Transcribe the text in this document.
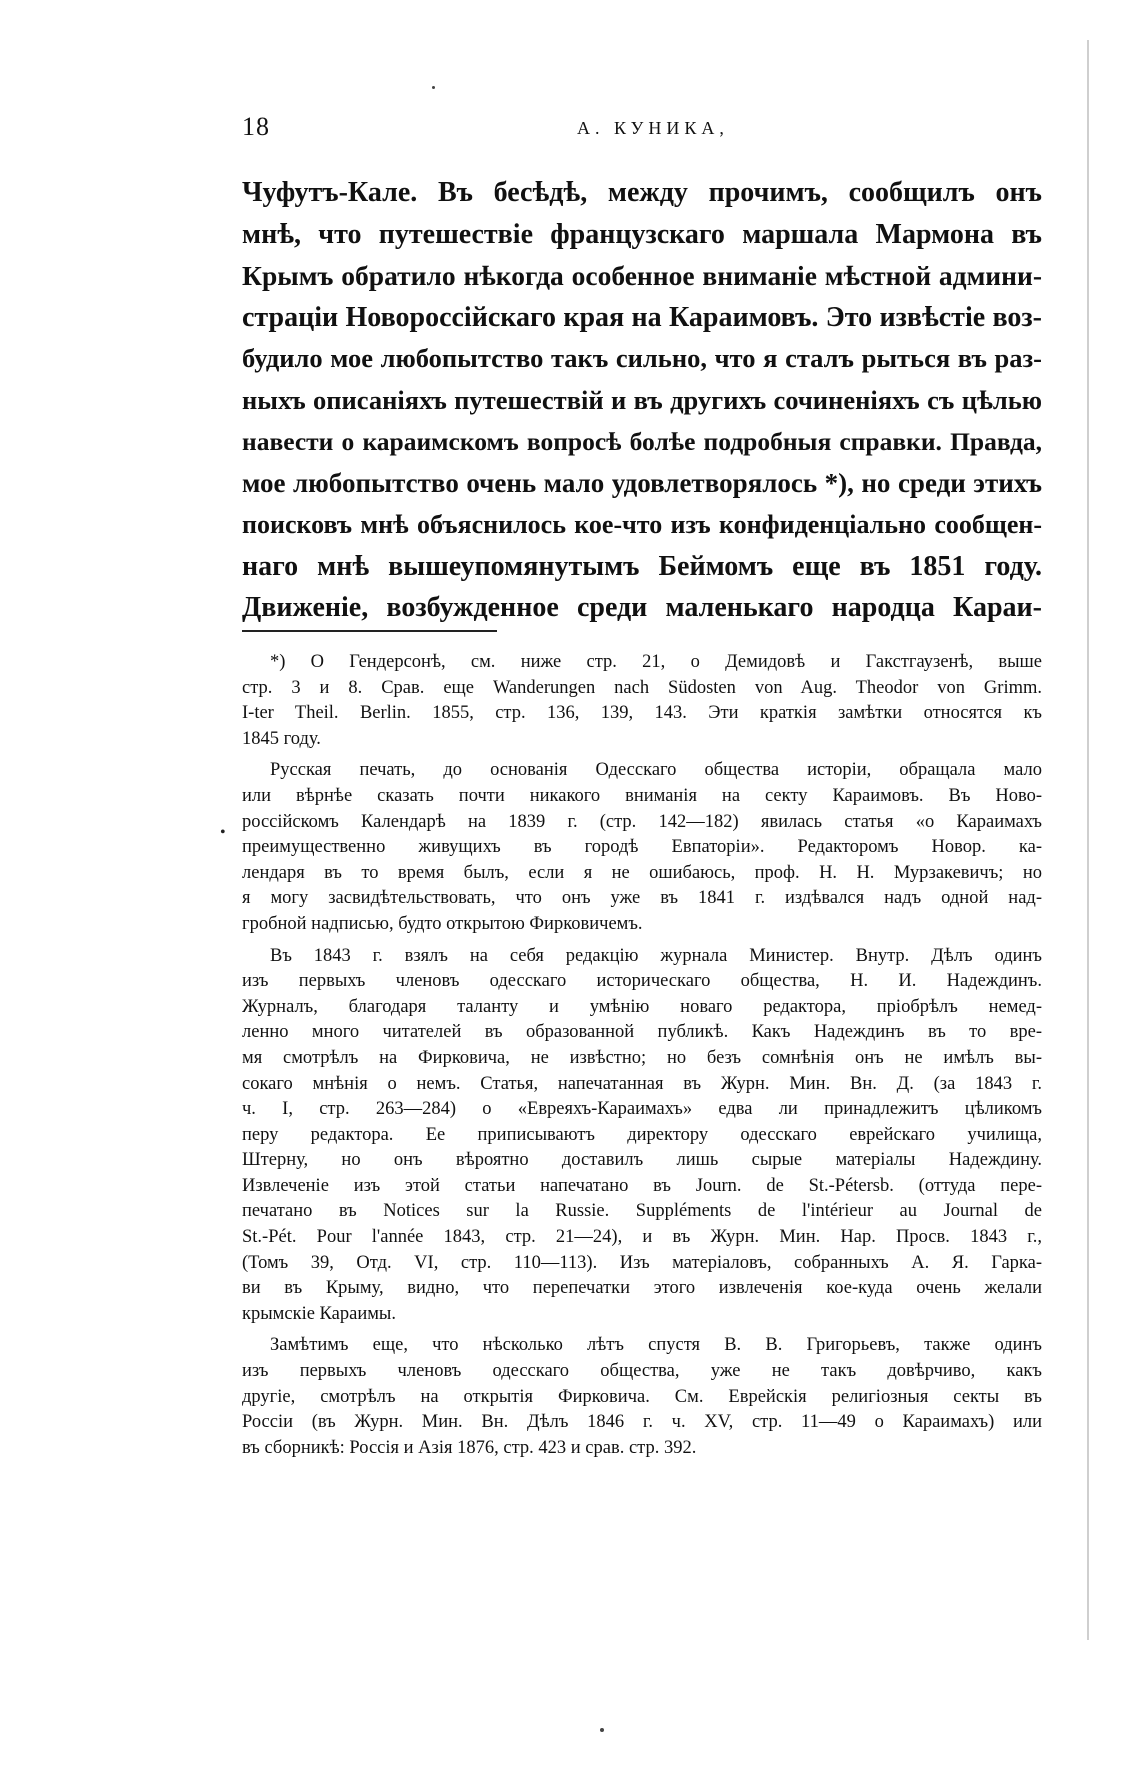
18	А. КУНИКА,
Чуфутъ-Кале. Въ бесѣдѣ, между прочимъ, сообщилъ онъ
мнѣ, что путешествіе французскаго маршала Мармона въ
Крымъ обратило нѣкогда особенное вниманіе мѣстной админи-
страціи Новороссійскаго края на Караимовъ. Это извѣстіе воз-
будило мое любопытство такъ сильно, что я сталъ рыться въ раз-
ныхъ описаніяхъ путешествій и въ другихъ сочиненіяхъ съ цѣлью
навести о караимскомъ вопросѣ болѣе подробныя справки. Правда,
мое любопытство очень мало удовлетворялось *), но среди этихъ
поисковъ мнѣ объяснилось кое-что изъ конфиденціально сообщен-
наго мнѣ вышеупомянутымъ Беймомъ еще въ 1851 году.
Движеніе, возбужденное среди маленькаго народца Караи-
•
*) О Гендерсонѣ, см. ниже стр. 21, о Демидовѣ и Гакстгаузенѣ, выше
стр. 3 и 8. Срав. еще Wanderungen nach Südosten von Aug. Theodor von Grimm.
I-ter Theil. Berlin. 1855, стр. 136, 139, 143. Эти краткія замѣтки относятся къ
1845 году.
Русская печать, до основанія Одесскаго общества исторіи, обращала мало
или вѣрнѣе сказать почти никакого вниманія на секту Караимовъ. Въ Ново-
россійскомъ Календарѣ на 1839 г. (стр. 142—182) явилась статья «о Караимахъ
преимущественно живущихъ въ городѣ Евпаторіи». Редакторомъ Новор. ка-
лендаря въ то время былъ, если я не ошибаюсь, проф. Н. Н. Мурзакевичъ; но
я могу засвидѣтельствовать, что онъ уже въ 1841 г. издѣвался надъ одной над-
гробной надписью, будто открытою Фирковичемъ.
Въ 1843 г. взялъ на себя редакцію журнала Министер. Внутр. Дѣлъ одинъ
изъ первыхъ членовъ одесскаго историческаго общества, Н. И. Надеждинъ.
Журналъ, благодаря таланту и умѣнію новаго редактора, пріобрѣлъ немед-
ленно много читателей въ образованной публикѣ. Какъ Надеждинъ въ то вре-
мя смотрѣлъ на Фирковича, не извѣстно; но безъ сомнѣнія онъ не имѣлъ вы-
сокаго мнѣнія о немъ. Статья, напечатанная въ Журн. Мин. Вн. Д. (за 1843 г.
ч. I, стр. 263—284) о «Евреяхъ-Караимахъ» едва ли принадлежитъ цѣликомъ
перу редактора. Ее приписываютъ директору одесскаго еврейскаго училища,
Штерну, но онъ вѣроятно доставилъ лишь сырые матеріалы Надеждину.
Извлеченіе изъ этой статьи напечатано въ Journ. de St.-Pétersb. (оттуда пере-
печатано въ Notices sur la Russie. Suppléments de l'intérieur au Journal de
St.-Pét. Pour l'année 1843, стр. 21—24), и въ Журн. Мин. Нар. Просв. 1843 г.,
(Томъ 39, Отд. VI, стр. 110—113). Изъ матеріаловъ, собранныхъ А. Я. Гарка-
ви въ Крыму, видно, что перепечатки этого извлеченія кое-куда очень желали
крымскіе Караимы.
Замѣтимъ еще, что нѣсколько лѣтъ спустя В. В. Григорьевъ, также одинъ
изъ первыхъ членовъ одесскаго общества, уже не такъ довѣрчиво, какъ
другіе, смотрѣлъ на открытія Фирковича. См. Еврейскія религіозныя секты въ
Россіи (въ Журн. Мин. Вн. Дѣлъ 1846 г. ч. XV, стр. 11—49 о Караимахъ) или
въ сборникѣ: Россія и Азія 1876, стр. 423 и срав. стр. 392.
